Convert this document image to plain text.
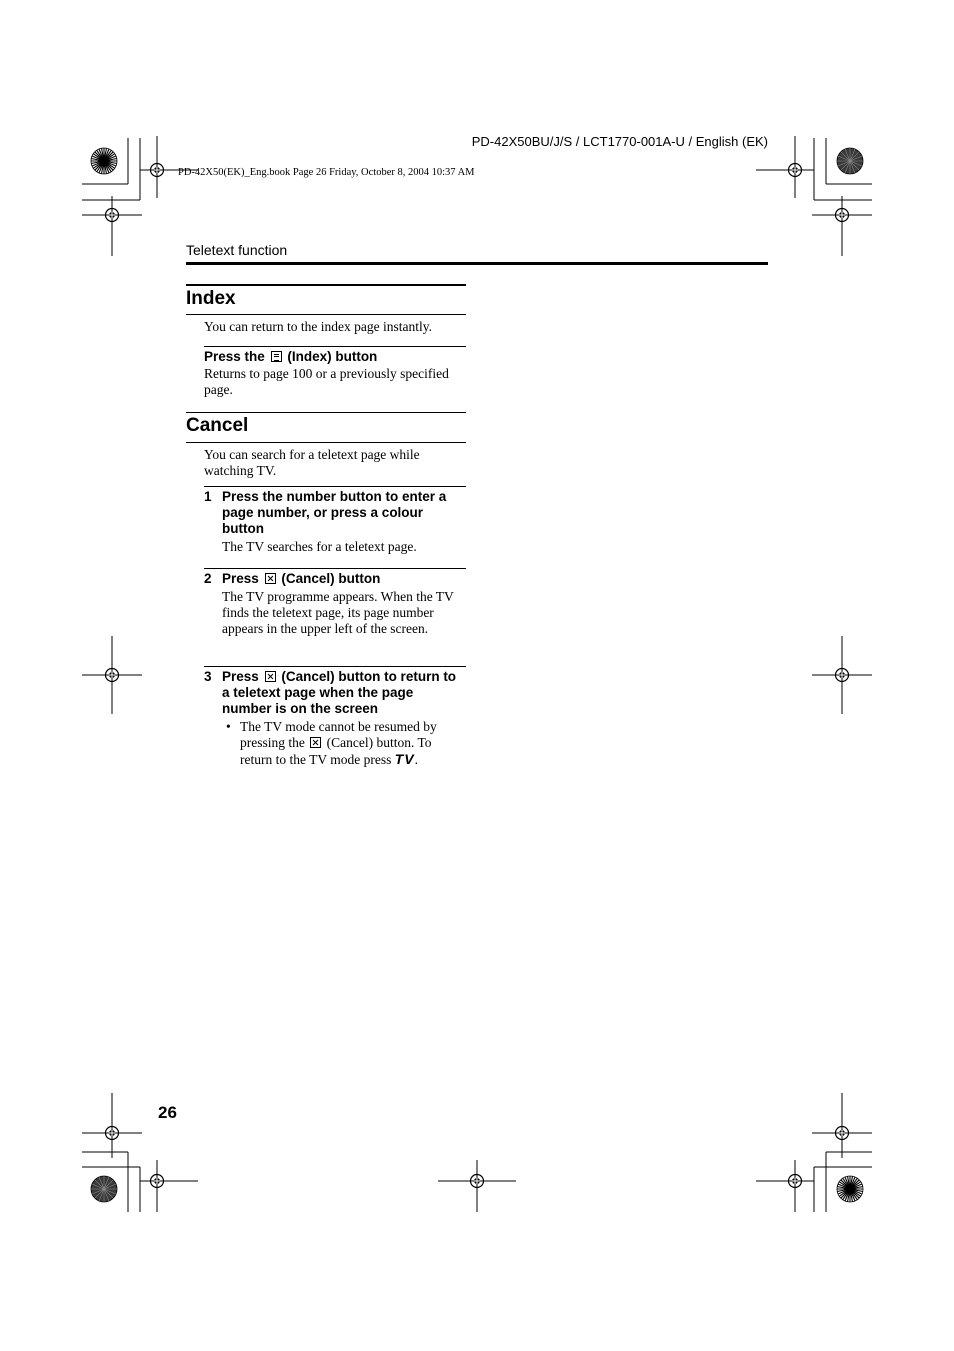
PD-42X50BU/J/S / LCT1770-001A-U / English (EK)
PD-42X50(EK)_Eng.book Page 26 Friday, October 8, 2004 10:37 AM
Teletext function
Index
You can return to the index page instantly.
Press the (Index) button
Returns to page 100 or a previously specified page.
Cancel
You can search for a teletext page while watching TV.
1 Press the number button to enter a page number, or press a colour button
The TV searches for a teletext page.
2 Press (Cancel) button
The TV programme appears. When the TV finds the teletext page, its page number appears in the upper left of the screen.
3 Press (Cancel) button to return to a teletext page when the page number is on the screen
• The TV mode cannot be resumed by pressing the (Cancel) button. To return to the TV mode press TV.
26
